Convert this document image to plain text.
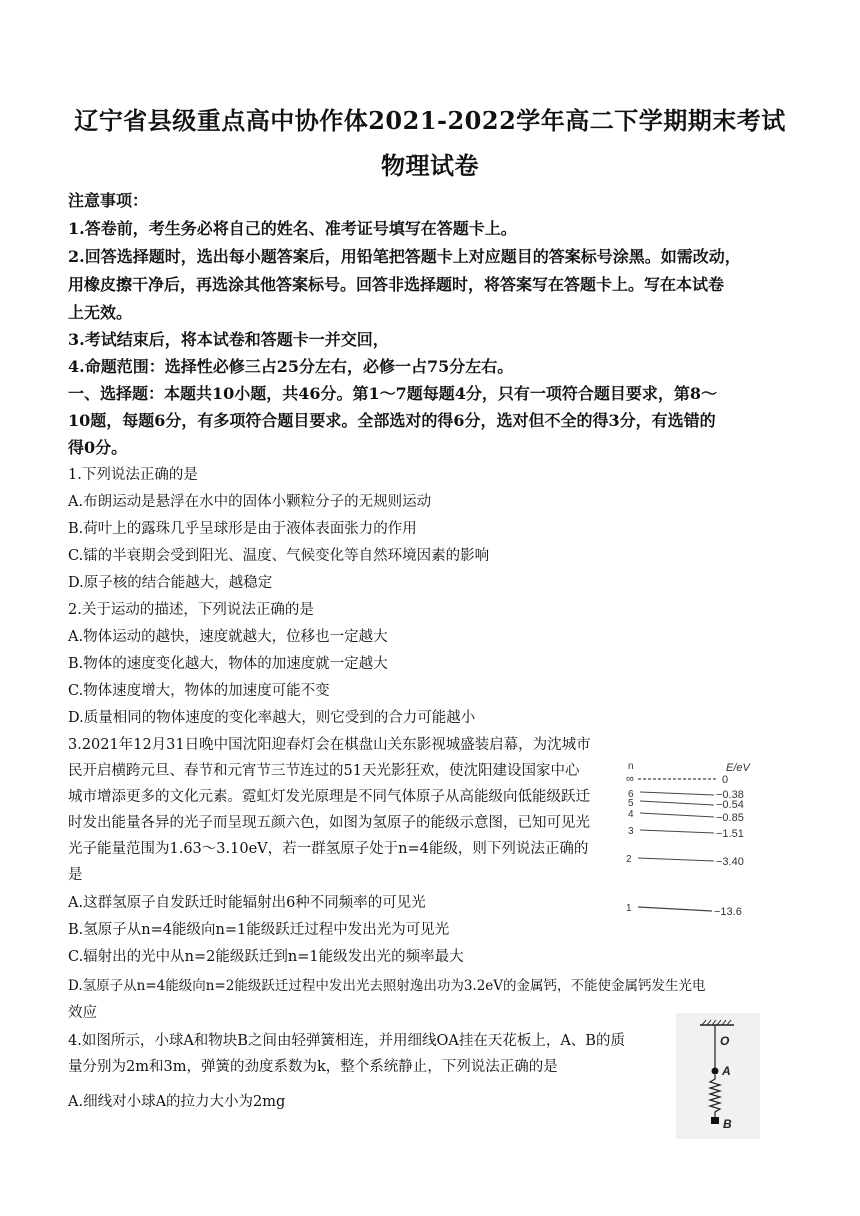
辽宁省县级重点高中协作体2021-2022学年高二下学期期末考试
物理试卷
注意事项：
1.答卷前，考生务必将自己的姓名、准考证号填写在答题卡上。
2.回答选择题时，选出每小题答案后，用铅笔把答题卡上对应题目的答案标号涂黑。如需改动，
用橡皮擦干净后，再选涂其他答案标号。回答非选择题时，将答案写在答题卡上。写在本试卷
上无效。
3.考试结束后，将本试卷和答题卡一并交回，
4.命题范围：选择性必修三占25分左右，必修一占75分左右。
一、选择题：本题共10小题，共46分。第1～7题每题4分，只有一项符合题目要求，第8～
10题，每题6分，有多项符合题目要求。全部选对的得6分，选对但不全的得3分，有选错的
得0分。
1.下列说法正确的是
A.布朗运动是悬浮在水中的固体小颗粒分子的无规则运动
B.荷叶上的露珠几乎呈球形是由于液体表面张力的作用
C.镭的半衰期会受到阳光、温度、气候变化等自然环境因素的影响
D.原子核的结合能越大，越稳定
2.关于运动的描述，下列说法正确的是
A.物体运动的越快，速度就越大，位移也一定越大
B.物体的速度变化越大，物体的加速度就一定越大
C.物体速度增大，物体的加速度可能不变
D.质量相同的物体速度的变化率越大，则它受到的合力可能越小
3.2021年12月31日晚中国沈阳迎春灯会在棋盘山关东影视城盛装启幕，为沈城市
民开启横跨元旦、春节和元宵节三节连过的51天光影狂欢，使沈阳建设国家中心
城市增添更多的文化元素。霓虹灯发光原理是不同气体原子从高能级向低能级跃迁
时发出能量各异的光子而呈现五颜六色，如图为氢原子的能级示意图，已知可见光
光子能量范围为1.63～3.10eV，若一群氢原子处于n=4能级，则下列说法正确的
是
A.这群氢原子自发跃迁时能辐射出6种不同频率的可见光
B.氢原子从n=4能级向n=1能级跃迁过程中发出光为可见光
C.辐射出的光中从n=2能级跃迁到n=1能级发出光的频率最大
D.氢原子从n=4能级向n=2能级跃迁过程中发出光去照射逸出功为3.2eV的金属钙，不能使金属钙发生光电
效应
4.如图所示，小球A和物块B之间由轻弹簧相连，并用细线OA挂在天花板上，A、B的质
量分别为2m和3m，弹簧的劲度系数为k，整个系统静止，下列说法正确的是
A.细线对小球A的拉力大小为2mg
n	E/eV
∞	0
6	−0.38
5	−0.54
4	−0.85
3	−1.51
2	−3.40
1	−13.6
O
A
B
